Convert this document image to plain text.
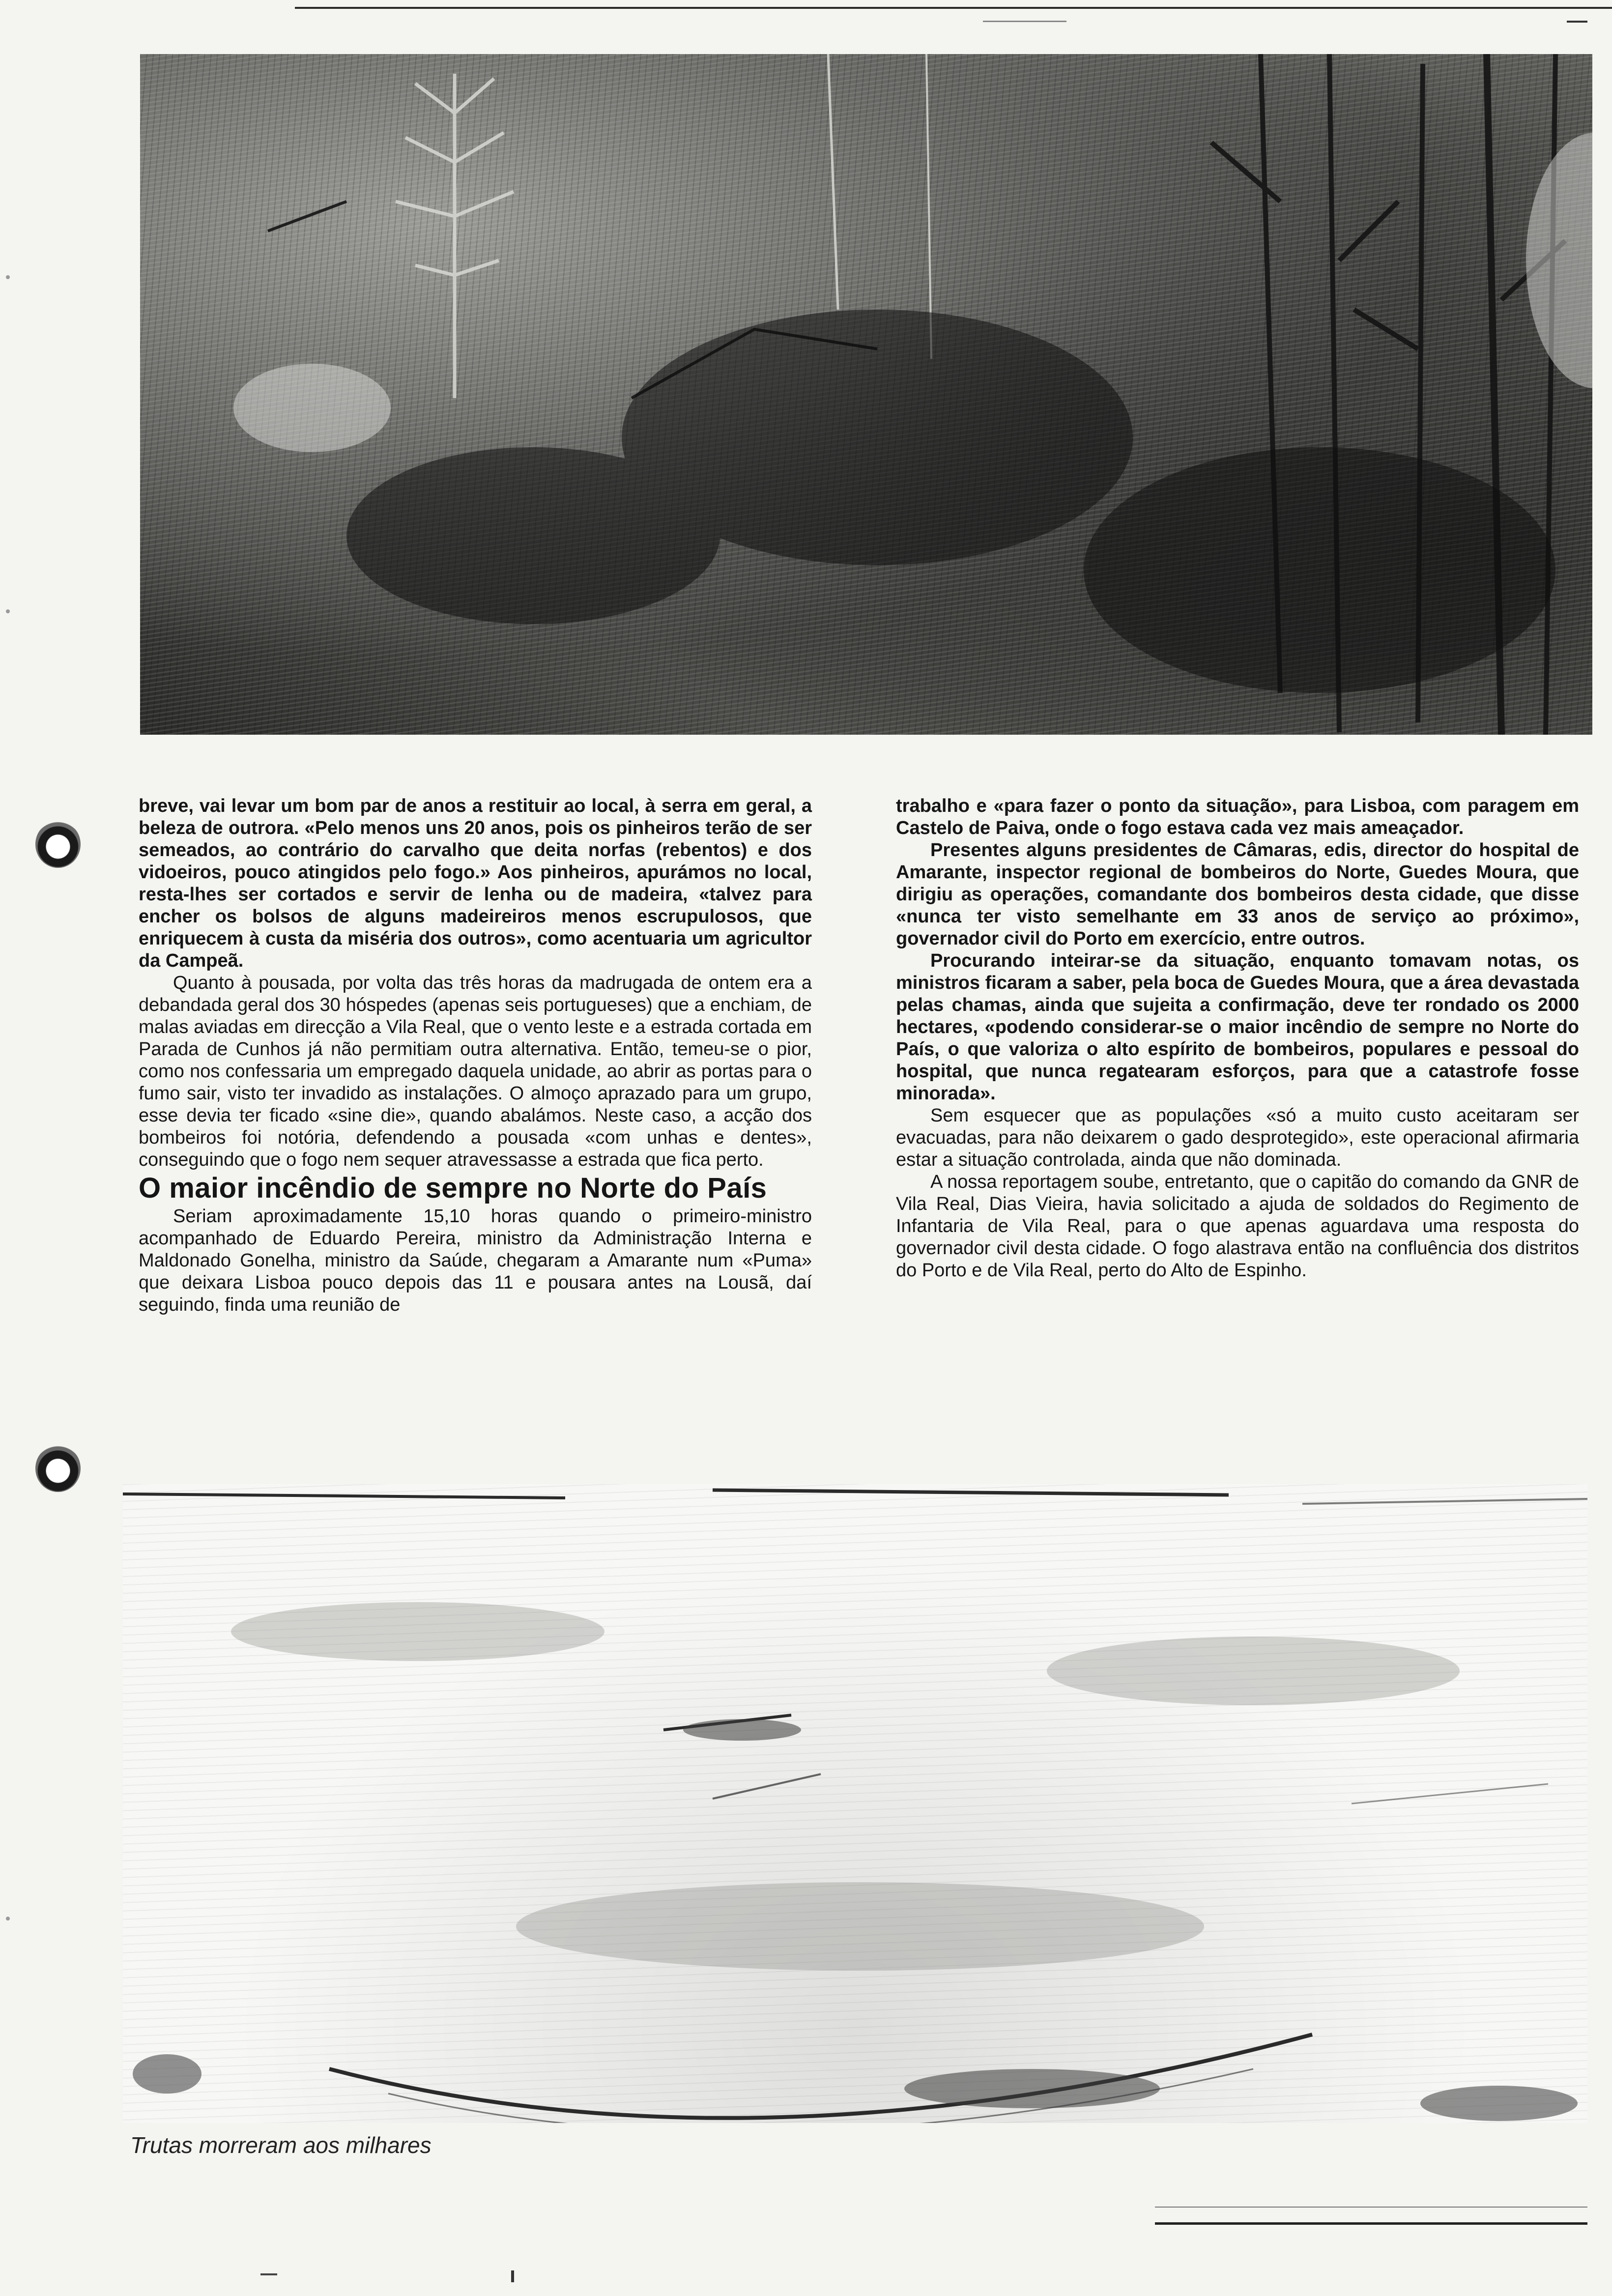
breve, vai levar um bom par de anos a restituir ao local, à serra em geral, a beleza de outrora. «Pelo menos uns 20 anos, pois os pinheiros terão de ser semeados, ao contrário do carvalho que deita norfas (rebentos) e dos vidoeiros, pouco atingidos pelo fogo.» Aos pinheiros, apurámos no local, resta-lhes ser cortados e servir de lenha ou de madeira, «talvez para encher os bolsos de alguns madeireiros menos escrupulosos, que enriquecem à custa da miséria dos outros», como acentuaria um agricultor da Campeã.

Quanto à pousada, por volta das três horas da madrugada de ontem era a debandada geral dos 30 hóspedes (apenas seis portugueses) que a enchiam, de malas aviadas em direcção a Vila Real, que o vento leste e a estrada cortada em Parada de Cunhos já não permitiam outra alternativa. Então, temeu-se o pior, como nos confessaria um empregado daquela unidade, ao abrir as portas para o fumo sair, visto ter invadido as instalações. O almoço aprazado para um grupo, esse devia ter ficado «sine die», quando abalámos. Neste caso, a acção dos bombeiros foi notória, defendendo a pousada «com unhas e dentes», conseguindo que o fogo nem sequer atravessasse a estrada que fica perto.

O maior incêndio de sempre no Norte do País

Seriam aproximadamente 15,10 horas quando o primeiro-ministro acompanhado de Eduardo Pereira, ministro da Administração Interna e Maldonado Gonelha, ministro da Saúde, chegaram a Amarante num «Puma» que deixara Lisboa pouco depois das 11 e pousara antes na Lousã, daí seguindo, finda uma reunião de

trabalho e «para fazer o ponto da situação», para Lisboa, com paragem em Castelo de Paiva, onde o fogo estava cada vez mais ameaçador.

Presentes alguns presidentes de Câmaras, edis, director do hospital de Amarante, inspector regional de bombeiros do Norte, Guedes Moura, que dirigiu as operações, comandante dos bombeiros desta cidade, que disse «nunca ter visto semelhante em 33 anos de serviço ao próximo», governador civil do Porto em exercício, entre outros.

Procurando inteirar-se da situação, enquanto tomavam notas, os ministros ficaram a saber, pela boca de Guedes Moura, que a área devastada pelas chamas, ainda que sujeita a confirmação, deve ter rondado os 2000 hectares, «podendo considerar-se o maior incêndio de sempre no Norte do País, o que valoriza o alto espírito de bombeiros, populares e pessoal do hospital, que nunca regatearam esforços, para que a catastrofe fosse minorada».

Sem esquecer que as populações «só a muito custo aceitaram ser evacuadas, para não deixarem o gado desprotegido», este operacional afirmaria estar a situação controlada, ainda que não dominada.

A nossa reportagem soube, entretanto, que o capitão do comando da GNR de Vila Real, Dias Vieira, havia solicitado a ajuda de soldados do Regimento de Infantaria de Vila Real, para o que apenas aguardava uma resposta do governador civil desta cidade. O fogo alastrava então na confluência dos distritos do Porto e de Vila Real, perto do Alto de Espinho.

Trutas morreram aos milhares
